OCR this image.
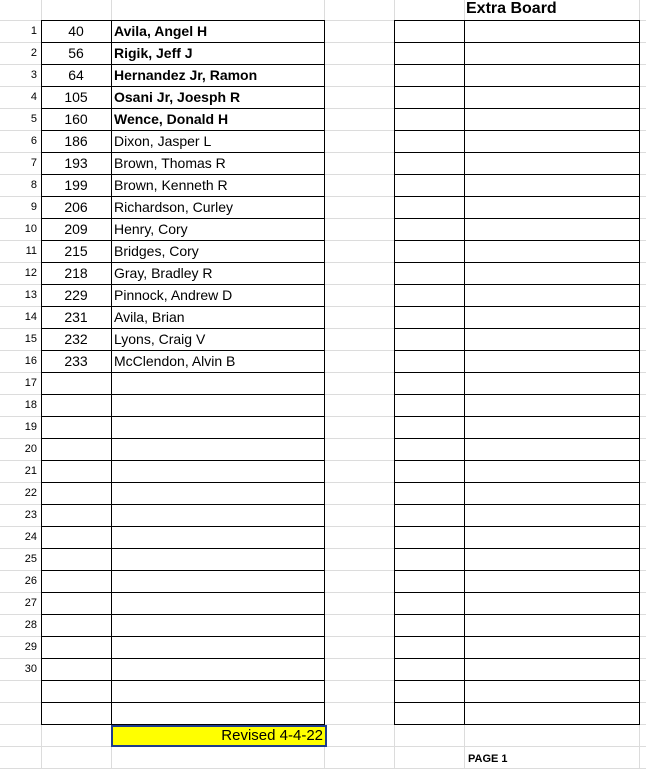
1	40	Avila, Angel H
2	56	Rigik, Jeff J
3	64	Hernandez Jr, Ramon
4	105	Osani Jr, Joesph R
5	160	Wence, Donald H
6	186	Dixon, Jasper L
7	193	Brown, Thomas R
8	199	Brown, Kenneth R
9	206	Richardson, Curley
10	209	Henry, Cory
11	215	Bridges, Cory
12	218	Gray, Bradley R
13	229	Pinnock, Andrew D
14	231	Avila, Brian
15	232	Lyons, Craig V
16	233	McClendon, Alvin B
17
18
19
20
21
22
23
24
25
26
27
28
29
30
Extra Board
Revised 4-4-22
PAGE 1
